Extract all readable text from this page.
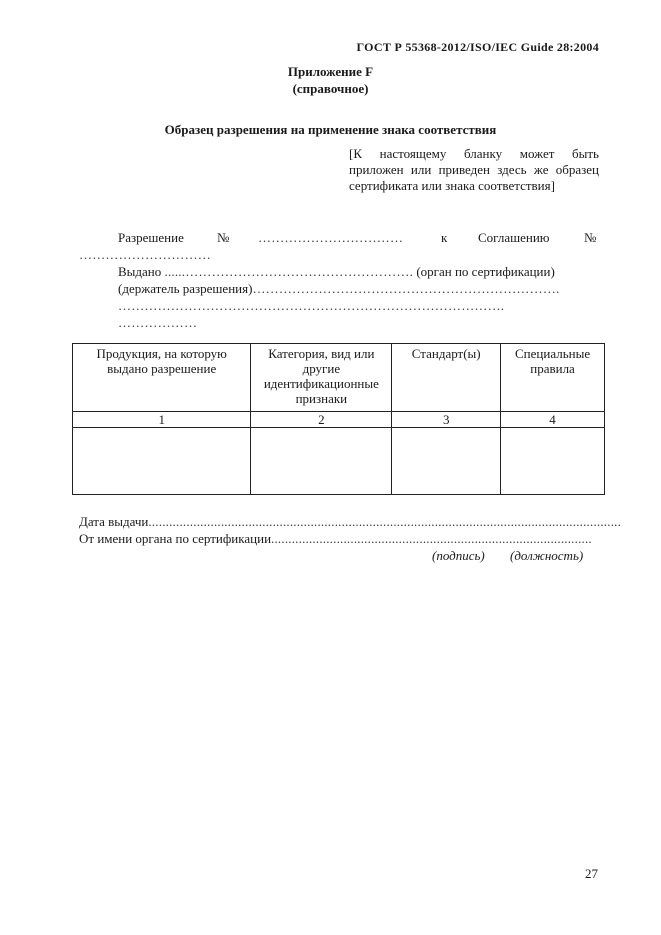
ГОСТ Р 55368-2012/ISO/IEC Guide 28:2004
Приложение F
(справочное)
Образец разрешения на применение знака соответствия
[К настоящему бланку может быть приложен или приведен здесь же образец сертификата или знака соответствия]
Разрешение	№ ……………………………	к Соглашению	№
…………………………
Выдано ......……………………………………………. (орган по сертификации)
(держатель разрешения)…………………………………………………………….
…………………………………………………………………………….
………………
Продукция, на которую выдано разрешение	Категория, вид или другие идентификационные признаки	Стандарт(ы)	Специальные правила
1	2	3	4

Дата выдачи.........................................................................................................................................
От имени органа по сертификации.............................................................................................
(подпись) (должность)
27
